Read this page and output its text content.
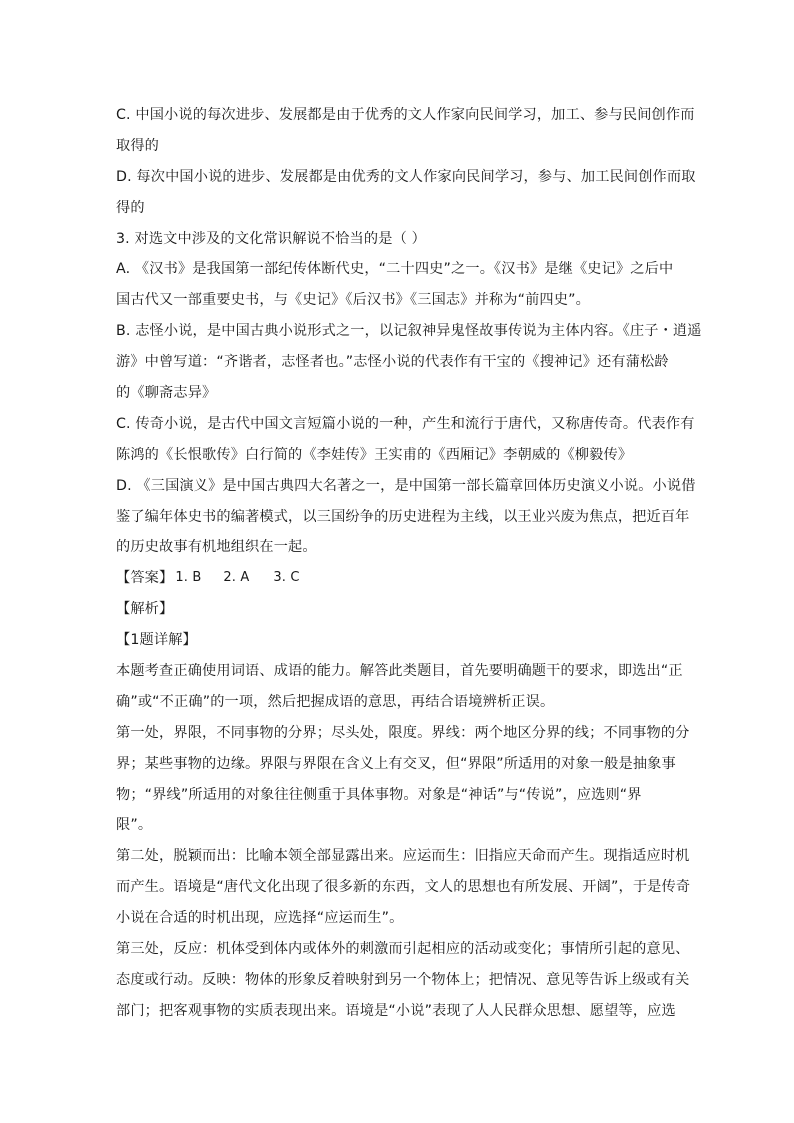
C. 中国小说的每次进步、发展都是由于优秀的文人作家向民间学习，加工、参与民间创作而
取得的
D. 每次中国小说的进步、发展都是由优秀的文人作家向民间学习，参与、加工民间创作而取
得的
3. 对选文中涉及的文化常识解说不恰当的是（ ）
A. 《汉书》是我国第一部纪传体断代史，“二十四史”之一。《汉书》是继《史记》之后中
国古代又一部重要史书，与《史记》《后汉书》《三国志》并称为“前四史”。
B. 志怪小说，是中国古典小说形式之一，以记叙神异鬼怪故事传说为主体内容。《庄子・逍遥
游》中曾写道：“齐谐者，志怪者也。”志怪小说的代表作有干宝的《搜神记》还有蒲松龄
的《聊斋志异》
C. 传奇小说，是古代中国文言短篇小说的一种，产生和流行于唐代，又称唐传奇。代表作有
陈鸿的《长恨歌传》白行简的《李娃传》王实甫的《西厢记》李朝威的《柳毅传》
D. 《三国演义》是中国古典四大名著之一，是中国第一部长篇章回体历史演义小说。小说借
鉴了编年体史书的编著模式，以三国纷争的历史进程为主线，以王业兴废为焦点，把近百年
的历史故事有机地组织在一起。
【答案】 1. B	2. A	3. C
【解析】
【1题详解】
本题考查正确使用词语、成语的能力。解答此类题目，首先要明确题干的要求，即选出“正
确”或“不正确”的一项，然后把握成语的意思，再结合语境辨析正误。
第一处，界限，不同事物的分界；尽头处，限度。界线：两个地区分界的线；不同事物的分
界；某些事物的边缘。界限与界限在含义上有交叉，但“界限”所适用的对象一般是抽象事
物；“界线”所适用的对象往往侧重于具体事物。对象是“神话”与“传说”，应选则“界
限”。
第二处，脱颖而出：比喻本领全部显露出来。应运而生：旧指应天命而产生。现指适应时机
而产生。语境是“唐代文化出现了很多新的东西，文人的思想也有所发展、开阔”，于是传奇
小说在合适的时机出现，应选择“应运而生”。
第三处，反应：机体受到体内或体外的刺激而引起相应的活动或变化；事情所引起的意见、
态度或行动。反映：物体的形象反着映射到另一个物体上；把情况、意见等告诉上级或有关
部门；把客观事物的实质表现出来。语境是“小说”表现了人人民群众思想、愿望等，应选
